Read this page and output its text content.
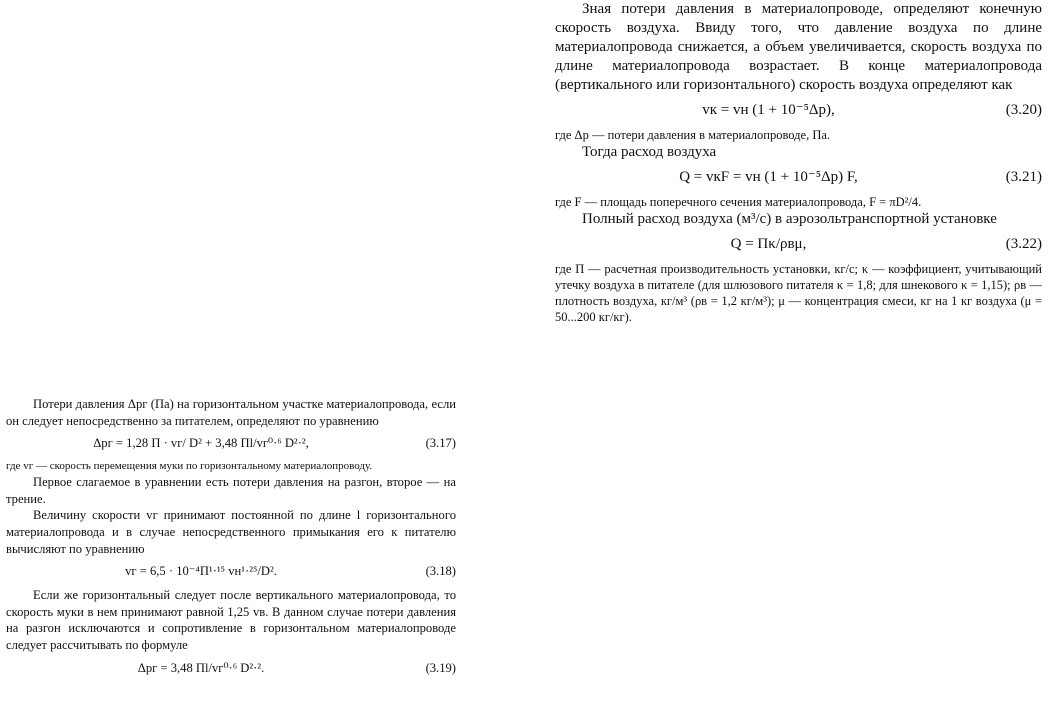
Зная потери давления в материалопроводе, определяют конечную скорость воздуха. Ввиду того, что давление воздуха по длине материалопровода снижается, а объем увеличивается, скорость воздуха по длине материалопровода возрастает. В конце материалопровода (вертикального или горизонтального) скорость воздуха определяют как

vк = vн (1 + 10⁻⁵Δp),	(3.20)

где Δp — потери давления в материалопроводе, Па.

Тогда расход воздуха

Q = vкF = vн (1 + 10⁻⁵Δp) F,	(3.21)

где F — площадь поперечного сечения материалопровода, F = πD²/4.

Полный расход воздуха (м³/с) в аэрозольтранспортной установке

Q = Пκ/ρвμ,	(3.22)

где П — расчетная производительность установки, кг/с; κ — коэффициент, учитывающий утечку воздуха в питателе (для шлюзового питателя κ = 1,8; для шнекового κ = 1,15); ρв — плотность воздуха, кг/м³ (ρв = 1,2 кг/м³); μ — концентрация смеси, кг на 1 кг воздуха (μ = 50...200 кг/кг).

Потери давления Δpг (Па) на горизонтальном участке материалопровода, если он следует непосредственно за питателем, определяют по уравнению

Δpг = 1,28 П · vг/ D² + 3,48 Пl/vг⁰·⁶ D²·²,	(3.17)

где vг — скорость перемещения муки по горизонтальному материалопроводу.

Первое слагаемое в уравнении есть потери давления на разгон, второе — на трение.

Величину скорости vг принимают постоянной по длине l горизонтального материалопровода и в случае непосредственного примыкания его к питателю вычисляют по уравнению

vг = 6,5 · 10⁻⁴П¹·¹⁵ vн¹·²⁵/D².	(3.18)

Если же горизонтальный следует после вертикального материалопровода, то скорость муки в нем принимают равной 1,25 vв. В данном случае потери давления на разгон исключаются и сопротивление в горизонтальном материалопроводе следует рассчитывать по формуле

Δpг = 3,48 Пl/vг⁰·⁶ D²·².	(3.19)
